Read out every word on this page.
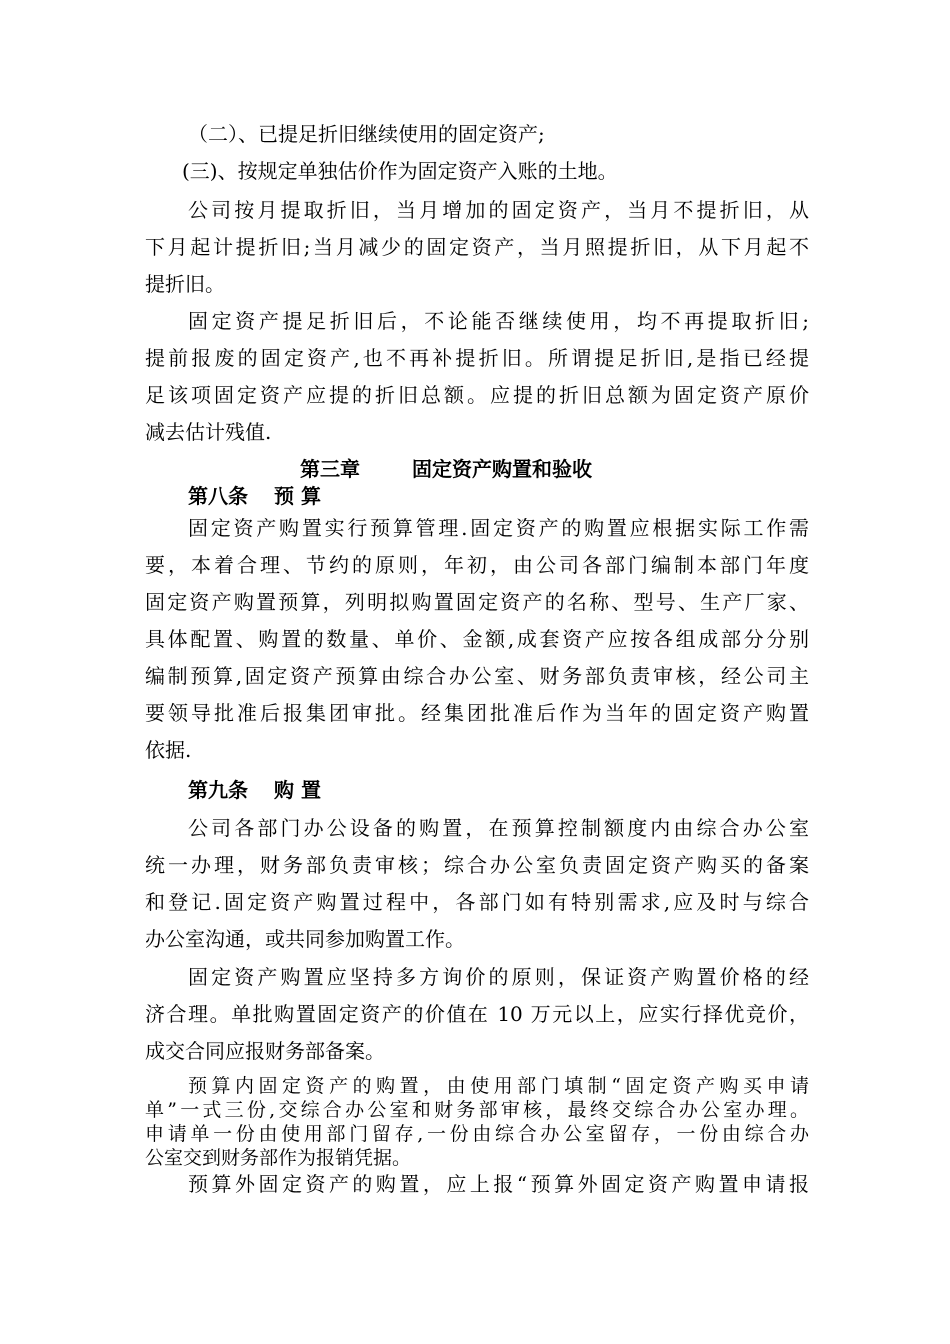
（二）、已提足折旧继续使用的固定资产;
(三)、按规定单独估价作为固定资产入账的土地。
公司按月提取折旧，当月增加的固定资产，当月不提折旧，从
下月起计提折旧;当月减少的固定资产，当月照提折旧，从下月起不
提折旧。
固定资产提足折旧后，不论能否继续使用，均不再提取折旧;
提前报废的固定资产,也不再补提折旧。所谓提足折旧,是指已经提
足该项固定资产应提的折旧总额。应提的折旧总额为固定资产原价
减去估计残值.
第三章	固定资产购置和验收
第八条 预 算
固定资产购置实行预算管理.固定资产的购置应根据实际工作需
要，本着合理、节约的原则，年初，由公司各部门编制本部门年度
固定资产购置预算，列明拟购置固定资产的名称、型号、生产厂家、
具体配置、购置的数量、单价、金额,成套资产应按各组成部分分别
编制预算,固定资产预算由综合办公室、财务部负责审核，经公司主
要领导批准后报集团审批。经集团批准后作为当年的固定资产购置
依据.
第九条 购 置
公司各部门办公设备的购置，在预算控制额度内由综合办公室
统一办理，财务部负责审核；综合办公室负责固定资产购买的备案
和登记.固定资产购置过程中，各部门如有特别需求,应及时与综合
办公室沟通，或共同参加购置工作。
固定资产购置应坚持多方询价的原则，保证资产购置价格的经
济合理。单批购置固定资产的价值在 10 万元以上，应实行择优竞价，
成交合同应报财务部备案。
预算内固定资产的购置，由使用部门填制“固定资产购买申请
单”一式三份,交综合办公室和财务部审核，最终交综合办公室办理。
申请单一份由使用部门留存,一份由综合办公室留存，一份由综合办
公室交到财务部作为报销凭据。
预算外固定资产的购置，应上报“预算外固定资产购置申请报
